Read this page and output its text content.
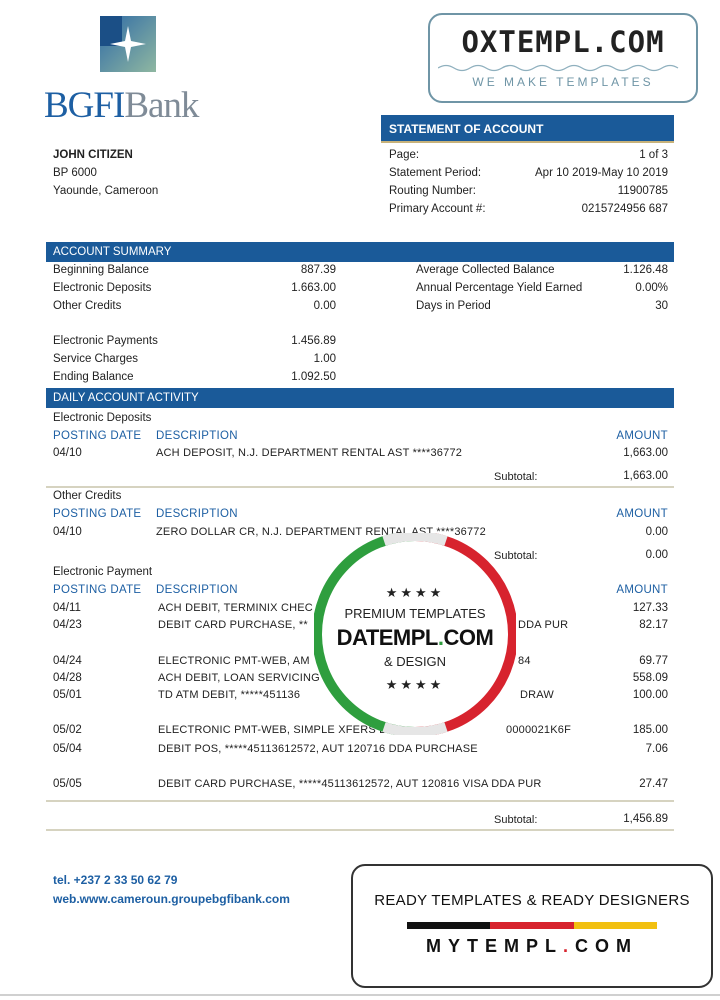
BGFIBank
OXTEMPL.COM
WE MAKE TEMPLATES
STATEMENT OF ACCOUNT
Page:	1 of 3
Statement Period:	Apr 10 2019-May 10 2019
Routing Number:	11900785
Primary Account #:	0215724956 687
JOHN CITIZEN
BP 6000
Yaounde, Cameroon
ACCOUNT SUMMARY
Beginning Balance	887.39
Electronic Deposits	1.663.00
Other Credits	0.00
Electronic Payments	1.456.89
Service Charges	1.00
Ending Balance	1.092.50
Average Collected Balance	1.126.48
Annual Percentage Yield Earned	0.00%
Days in Period	30
DAILY ACCOUNT ACTIVITY
Electronic Deposits
POSTING DATE DESCRIPTION	AMOUNT
04/10	ACH DEPOSIT, N.J. DEPARTMENT RENTAL AST ****36772	1,663.00
Subtotal:	1,663.00
Other Credits
POSTING DATE DESCRIPTION	AMOUNT
04/10	ZERO DOLLAR CR, N.J. DEPARTMENT RENTAL AST ****36772	0.00
Subtotal:	0.00
Electronic Payment
POSTING DATE DESCRIPTION	AMOUNT
04/11	ACH DEBIT, TERMINIX CHEC	127.33
04/23	DEBIT CARD PURCHASE, **	DDA PUR	82.17
04/24	ELECTRONIC PMT-WEB, AM	84	69.77
04/28	ACH DEBIT, LOAN SERVICING	558.09
05/01	TD ATM DEBIT, *****451136	DRAW	100.00
05/02	ELECTRONIC PMT-WEB, SIMPLE XFERS D	0000021K6F	185.00
05/04	DEBIT POS, *****45113612572, AUT 120716 DDA PURCHASE	7.06
05/05	DEBIT CARD PURCHASE, *****45113612572, AUT 120816 VISA DDA PUR	27.47
Subtotal:	1,456.89
★★★★
PREMIUM TEMPLATES
DATEMPL.COM
& DESIGN
★★★★
tel. +237 2 33 50 62 79
web.www.cameroun.groupebgfibank.com	READY TEMPLATES & READY DESIGNERS
MYTEMPL.COM
